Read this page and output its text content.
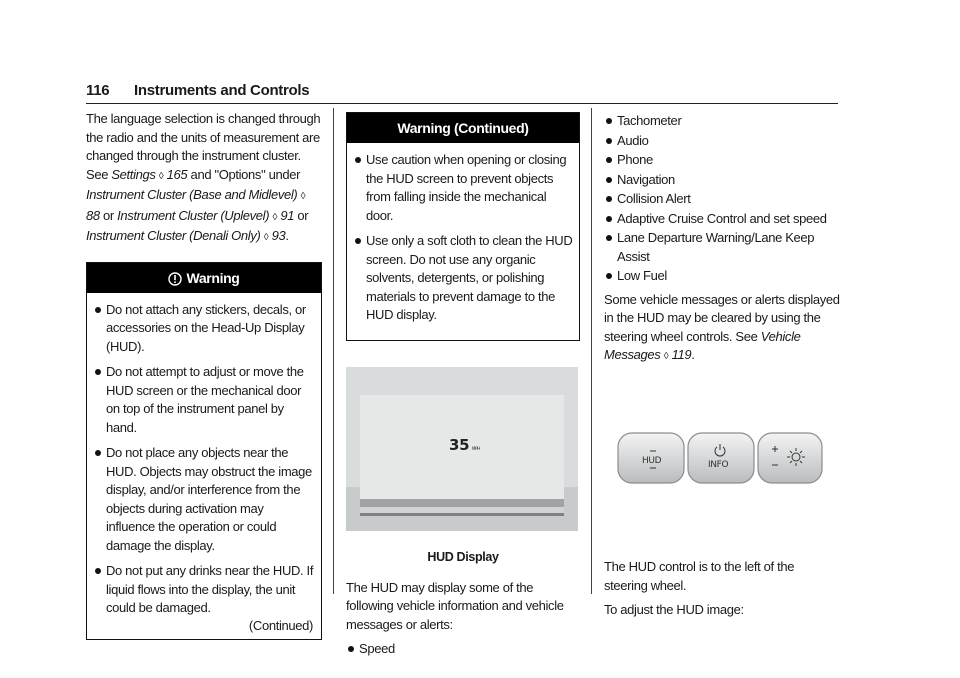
116 Instruments and Controls

The language selection is changed through the radio and the units of measurement are changed through the instrument cluster. See Settings ◊ 165 and "Options" under Instrument Cluster (Base and Midlevel) ◊ 88 or Instrument Cluster (Uplevel) ◊ 91 or Instrument Cluster (Denali Only) ◊ 93.

Warning
Do not attach any stickers, decals, or accessories on the Head-Up Display (HUD).
Do not attempt to adjust or move the HUD screen or the mechanical door on top of the instrument panel by hand.
Do not place any objects near the HUD. Objects may obstruct the image display, and/or interference from the objects during activation may influence the operation or could damage the display.
Do not put any drinks near the HUD. If liquid flows into the display, the unit could be damaged.
(Continued)
Warning (Continued)
Use caution when opening or closing the HUD screen to prevent objects from falling inside the mechanical door.
Use only a soft cloth to clean the HUD screen. Do not use any organic solvents, detergents, or polishing materials to prevent damage to the HUD display.
35 MPH
HUD Display

The HUD may display some of the following vehicle information and vehicle messages or alerts:

Speed
Tachometer
Audio
Phone
Navigation
Collision Alert
Adaptive Cruise Control and set speed
Lane Departure Warning/Lane Keep Assist
Low Fuel

Some vehicle messages or alerts displayed in the HUD may be cleared by using the steering wheel controls. See Vehicle Messages ◊ 119.

HUD	INFO

The HUD control is to the left of the steering wheel.

To adjust the HUD image:
